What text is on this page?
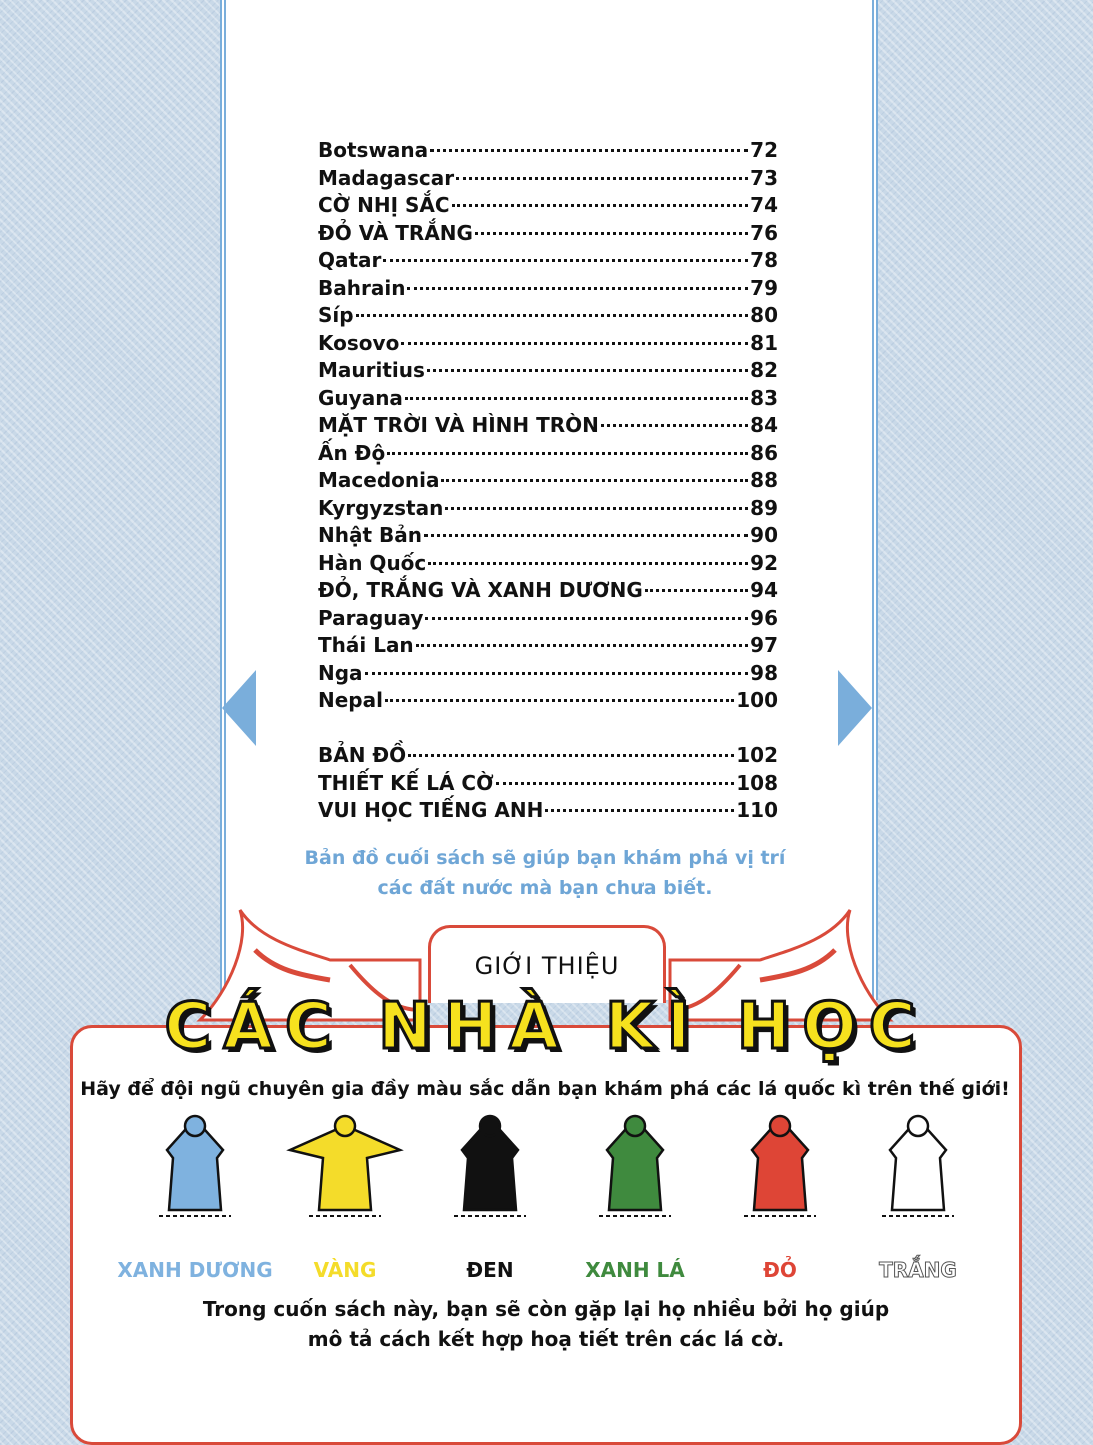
Botswana	72
Madagascar	73
CỜ NHỊ SẮC	74
ĐỎ VÀ TRẮNG	76
Qatar	78
Bahrain	79
Síp	80
Kosovo	81
Mauritius	82
Guyana	83
MẶT TRỜI VÀ HÌNH TRÒN	84
Ấn Độ	86
Macedonia	88
Kyrgyzstan	89
Nhật Bản	90
Hàn Quốc	92
ĐỎ, TRẮNG VÀ XANH DƯƠNG	94
Paraguay	96
Thái Lan	97
Nga	98
Nepal	100
BẢN ĐỒ	102
THIẾT KẾ LÁ CỜ	108
VUI HỌC TIẾNG ANH	110
Bản đồ cuối sách sẽ giúp bạn khám phá vị trí
các đất nước mà bạn chưa biết.
GIỚI THIỆU
CÁC NHÀ KÌ HỌC
Hãy để đội ngũ chuyên gia đầy màu sắc dẫn bạn khám phá các lá quốc kì trên thế giới!
XANH DƯƠNG	VÀNG	ĐEN	XANH LÁ	ĐỎ	TRẮNG
Trong cuốn sách này, bạn sẽ còn gặp lại họ nhiều bởi họ giúp
mô tả cách kết hợp hoạ tiết trên các lá cờ.
